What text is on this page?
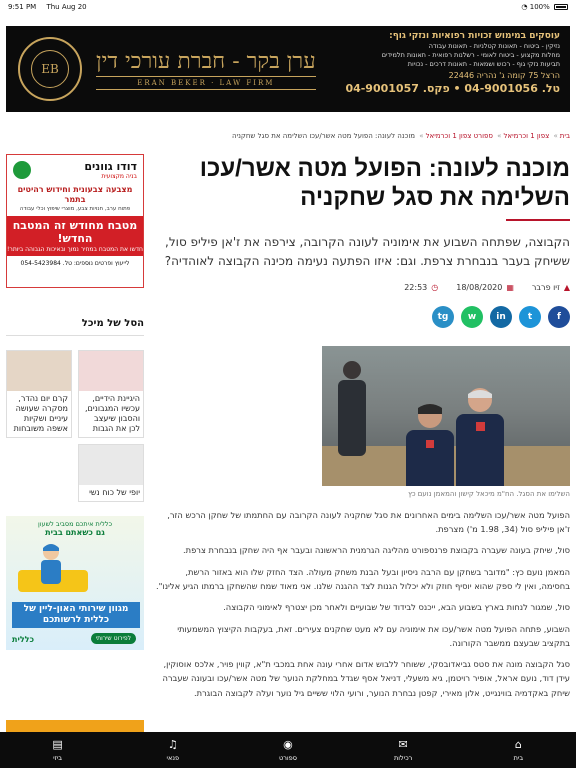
9:51 PM Thu Aug 20	◔ 100%
EB	ערן בקר - חברת עורכי דין
ERAN BEKER · LAW FIRM
עוסקים במימוש זכויות רפואיות ונזקי גוף:
נזיקין - ביטוח - תאונות קטלניות - תאונות עבודה
מחלות מקצוע - ביטוח לאומי - רשלנות רפואית - תאונות תלמידים
תביעות נזקי גוף - רכוש ושמאות - תאונות דרכים - נכויות
הרצל 75 קומה ג' נהריה 22446
טל. 04-9001056 • פקס. 04-9001057
בית» צפון 1 וכרמיאל» ספורט צפון 1 וכרמיאל» מוכנה לעונה: הפועל מטה אשר/עכו השלימה את סגל שחקניה
מוכנה לעונה: הפועל מטה אשר/עכו השלימה את סגל שחקניה

הקבוצה, שפתחה השבוע את אימוניה לעונה הקרובה, צירפה את ז'אן פיליפ סול, ששיחק בעבר בנבחרת צרפת. וגם: איזו הפתעה נעימה מכינה הקבוצה לאוהדיה?

▲זיו פרבר
▦18/08/2020
◷22:53
f
t
in
w
tg
השלימו את הסגל. הח"מ מיכאל קישון והמאמן נועם כץ

הפועל מטה אשר/עכו השלימה בימים האחרונים את סגל שחקניה לעונה הקרובה עם החתמתו של שחקן הרכש הזר, ז'אן פיליפ סול (34, 1.98 מ') מצרפת.

סול, שיחק בעונה שעברה בקבוצת פרנספורט מהליגה הגרמנית הראשונה ובעבר אף היה שחקן בנבחרת צרפת.

המאמן נועם כץ: "מדובר בשחקן עם הרבה ניסיון ובעל הבנת משחק מעולה. הצד החזק שלו הוא באזור הרשת, בחסימה, ואין לי ספק שהוא יוסיף חוזק ולא יכלול הגנות לצד ההגנה שלנו. אני מאוד שמח שהשחקן ברמתו הגיע אלינו".

סול, שמגור לנחות בארץ בשבוע הבא, ייכנס לבידוד של שבועיים ולאחר מכן יצטרף לאימוני הקבוצה.

השבוע, פתחה הפועל מטה אשר/עכו את אימוניה עם לא מעט שחקנים צעירים. זאת, בעקבות הקיצוץ המשמעותי בתקציב שבעצם ממשבר הקורונה.

סגל הקבוצה מונה את סטס גביאדובסקי, ששוחר ללבוש אדום אחרי עונה אחת במכבי ת"א, קווין פויר, אלכס אוסוקין, עידן דוד, נועם אראל, אופיר רויטמן, גיא משעלי, דניאל אסף שגדל במחלקת הנוער של מטה אשר/עכו ובעונה שעברה שיחק באקדמיה בווינגייט, אלון מאירי, קפטן נבחרת הנוער, ורועי הלוי ששיים גיל נוער ועלה לקבוצה הבוגרת.

דודו גוונים
בניה מקצועית
מצבעה צבעונית וחידוש רהיטים בתמר
פתוח ערב, חנויות צבע, מוצרי שיפוץ וכלי עבודה
מטבח מחודש זה המטבח החדש!
חדשו את המטבח במחיר נמוך ובאיכות הגבוהה ביותר!
לייעוץ ופרטים נוספים: טל. 054-5423984
הסל של מיכל
היגיינת הידיים, עכשיו המגבונים, והסבון שיעצב לכן את הגבות
קרם יום נהדר, מסקרה שעושה עיניים ושקיות אשפה משובחות
יופי של כוח נשי
כללית איתכם מסביב לשעון
גם כשאתם בבית
מגוון שירותי האון-ליין של כללית לרשותכם
לפירוט שירותי
כללית
▤
ביזי
♫
פנאי
◉
ספורט
✉
רכילות
⌂
בית
